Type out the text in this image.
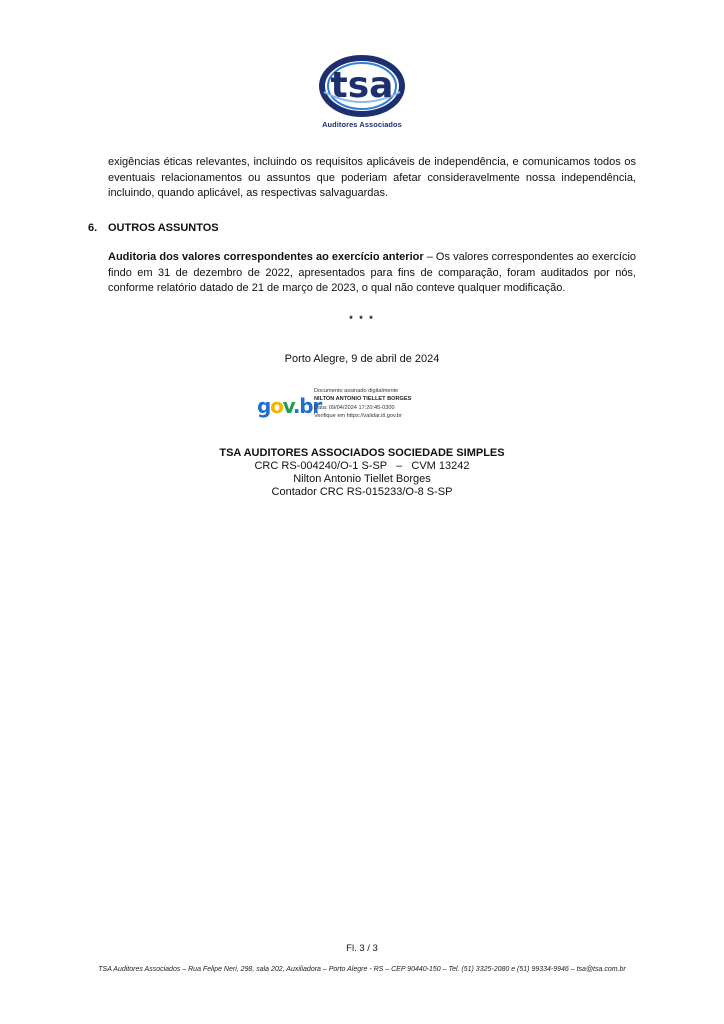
tsa
Auditores Associados
exigências éticas relevantes, incluindo os requisitos aplicáveis de independência, e comunicamos todos os eventuais relacionamentos ou assuntos que poderiam afetar consideravelmente nossa independência, incluindo, quando aplicável, as respectivas salvaguardas.
6. OUTROS ASSUNTOS
Auditoria dos valores correspondentes ao exercício anterior – Os valores correspondentes ao exercício findo em 31 de dezembro de 2022, apresentados para fins de comparação, foram auditados por nós, conforme relatório datado de 21 de março de 2023, o qual não conteve qualquer modificação.
* * *
Porto Alegre, 9 de abril de 2024
gov.br
Documento assinado digitalmente
NILTON ANTONIO TIELLET BORGES
Data: 09/04/2024 17:20:45-0300
Verifique em https://validar.iti.gov.br
TSA AUDITORES ASSOCIADOS SOCIEDADE SIMPLES
CRC RS-004240/O-1 S-SP   –   CVM 13242
Nilton Antonio Tiellet Borges
Contador CRC RS-015233/O-8 S-SP
Fl. 3 / 3
TSA Auditores Associados – Rua Felipe Neri, 298, sala 202, Auxiliadora – Porto Alegre - RS – CEP 90440-150 – Tel. (51) 3325-2080 e (51) 99334-9946 – tsa@tsa.com.br
